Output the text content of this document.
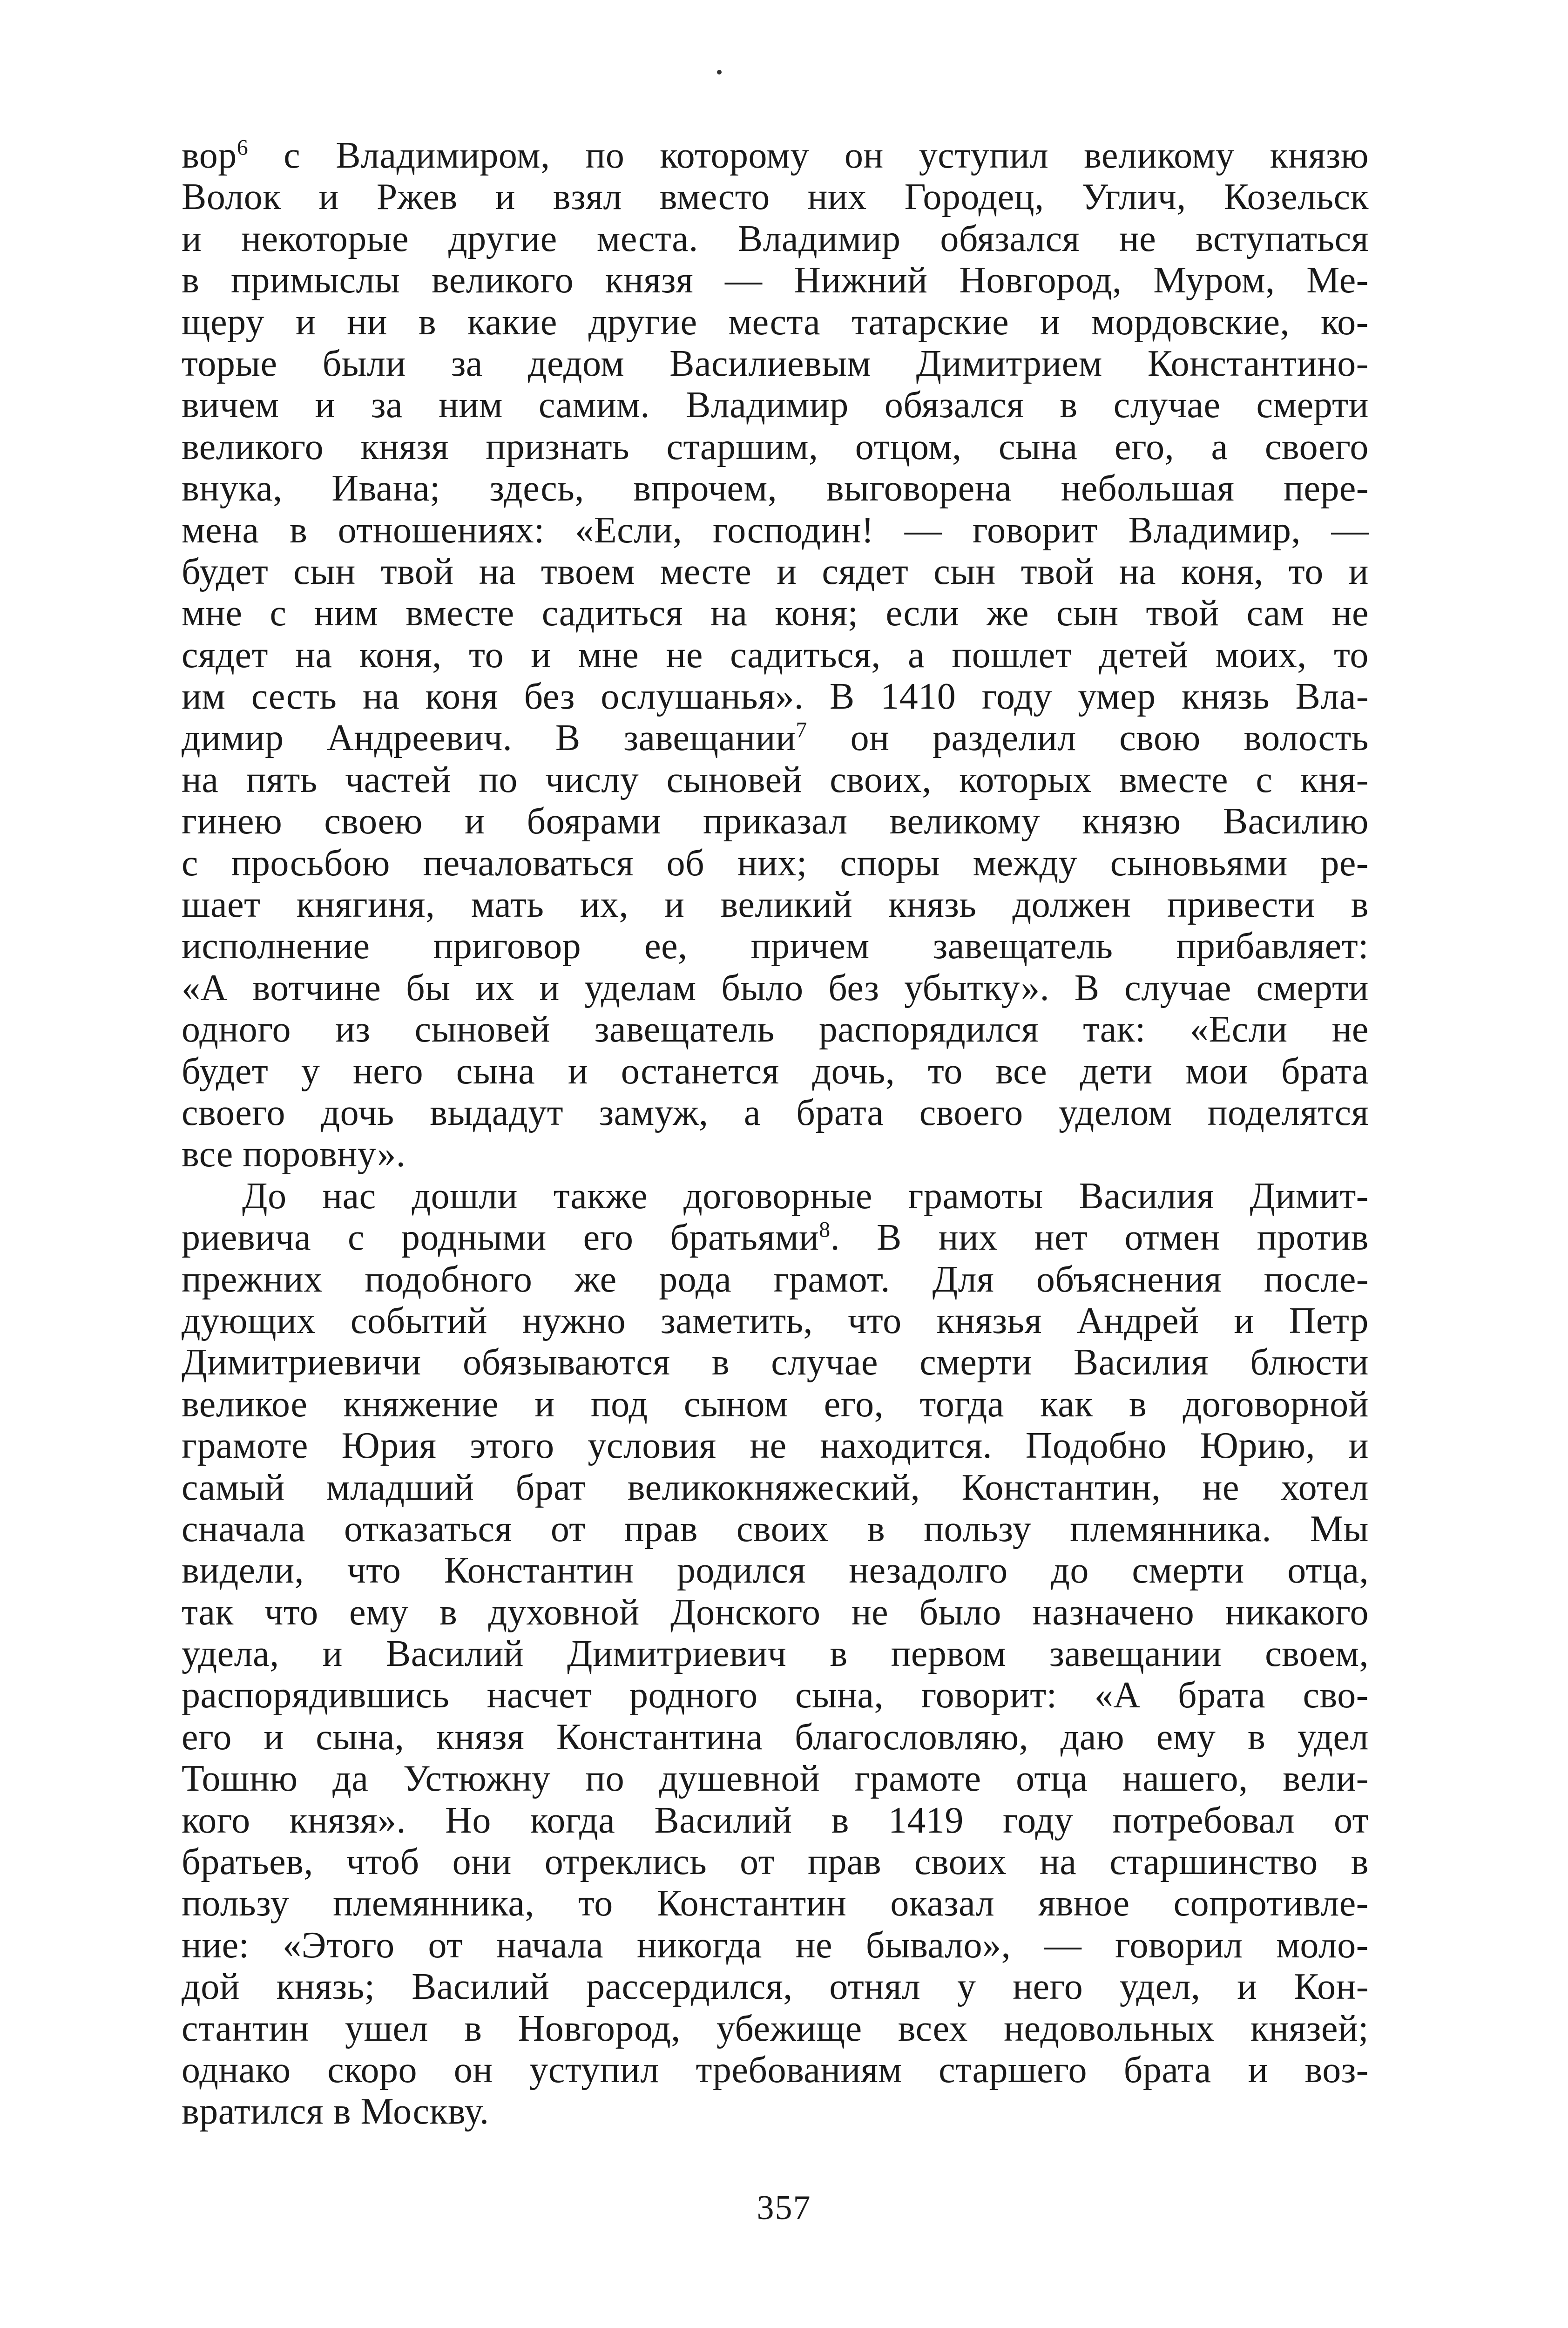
вор$^6$ с Владимиром, по которому он уступил великому князю
Волок и Ржев и взял вместо них Городец, Углич, Козельск
и некоторые другие места. Владимир обязался не вступаться
в примыслы великого князя — Нижний Новгород, Муром, Ме-
щеру и ни в какие другие места татарские и мордовские, ко-
торые были за дедом Василиевым Димитрием Константино-
вичем и за ним самим. Владимир обязался в случае смерти
великого князя признать старшим, отцом, сына его, а своего
внука, Ивана; здесь, впрочем, выговорена небольшая пере-
мена в отношениях: «Если, господин! — говорит Владимир, —
будет сын твой на твоем месте и сядет сын твой на коня, то и
мне с ним вместе садиться на коня; если же сын твой сам не
сядет на коня, то и мне не садиться, а пошлет детей моих, то
им сесть на коня без ослушанья». В 1410 году умер князь Вла-
димир Андреевич. В завещании$^7$ он разделил свою волость
на пять частей по числу сыновей своих, которых вместе с кня-
гинею своею и боярами приказал великому князю Василию
с просьбою печаловаться об них; споры между сыновьями ре-
шает княгиня, мать их, и великий князь должен привести в
исполнение приговор ее, причем завещатель прибавляет:
«А вотчине бы их и уделам было без убытку». В случае смерти
одного из сыновей завещатель распорядился так: «Если не
будет у него сына и останется дочь, то все дети мои брата
своего дочь выдадут замуж, а брата своего уделом поделятся
все
поровну».
До нас дошли также договорные грамоты Василия Димит-
риевича с родными его братьями$^8$. В них нет отмен против
прежних подобного же рода грамот. Для объяснения после-
дующих событий нужно заметить, что князья Андрей и Петр
Димитриевичи обязываются в случае смерти Василия блюсти
великое княжение и под сыном его, тогда как в договорной
грамоте Юрия этого условия не находится. Подобно Юрию, и
самый младший брат великокняжеский, Константин, не хотел
сначала отказаться от прав своих в пользу племянника. Мы
видели, что Константин родился незадолго до смерти отца,
так что ему в духовной Донского не было назначено никакого
удела, и Василий Димитриевич в первом завещании своем,
распорядившись насчет родного сына, говорит: «А брата сво-
его и сына, князя Константина благословляю, даю ему в удел
Тошню да Устюжну по душевной грамоте отца нашего, вели-
кого князя». Но когда Василий в 1419 году потребовал от
братьев, чтоб они отреклись от прав своих на старшинство в
пользу племянника, то Константин оказал явное сопротивле-
ние: «Этого от начала никогда не бывало», — говорил моло-
дой князь; Василий рассердился, отнял у него удел, и Кон-
стантин ушел в Новгород, убежище всех недовольных князей;
однако скоро он уступил требованиям старшего брата и воз-
вратился
в
Москву.
357
